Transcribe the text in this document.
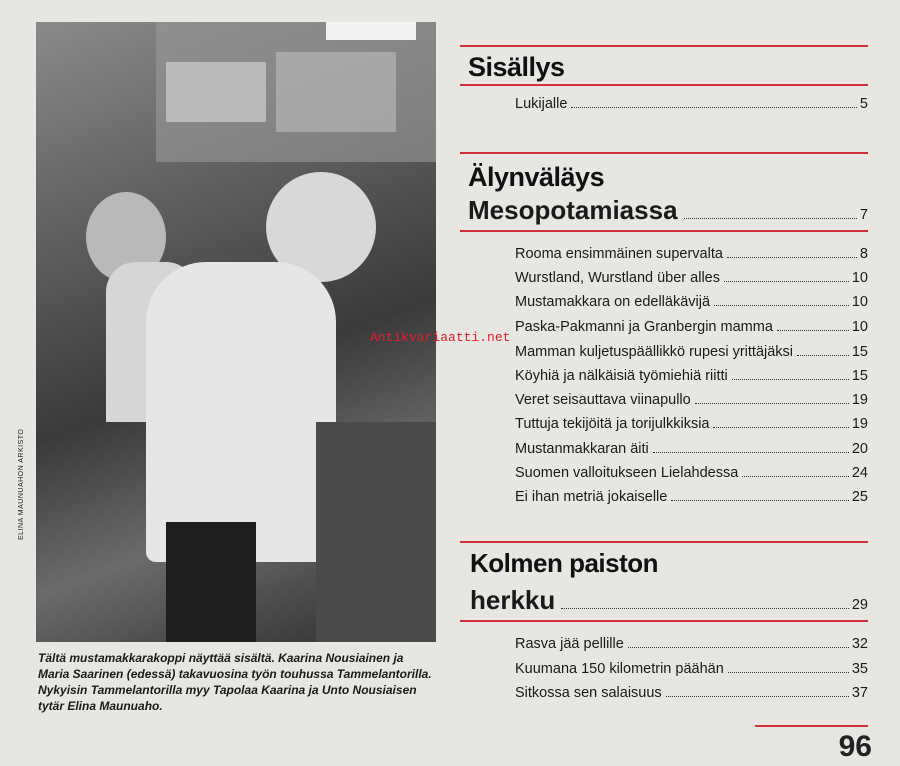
ELINA MAUNUAHON ARKISTO
Tältä mustamakkarakoppi näyttää sisältä. Kaarina Nousiainen ja Maria Saarinen (edessä) takavuosina työn touhussa Tammelantorilla. Nykyisin Tammelantorilla myy Tapolaa Kaarina ja Unto Nousiaisen tytär Elina Maunuaho.
Sisällys
Lukijalle	5
Älynväläys
Mesopotamiassa	7
Rooma ensimmäinen supervalta	8
Wurstland, Wurstland über alles	10
Mustamakkara on edelläkävijä	10
Paska-Pakmanni ja Granbergin mamma	10
Mamman kuljetuspäällikkö rupesi yrittäjäksi	15
Köyhiä ja nälkäisiä työmiehiä riitti	15
Veret seisauttava viinapullo	19
Tuttuja tekijöitä ja torijulkkiksia	19
Mustanmakkaran äiti	20
Suomen valloitukseen Lielahdessa	24
Ei ihan metriä jokaiselle	25
Kolmen paiston
herkku	29
Rasva jää pellille	32
Kuumana 150 kilometrin päähän	35
Sitkossa sen salaisuus	37
96
Antikvariaatti.net
